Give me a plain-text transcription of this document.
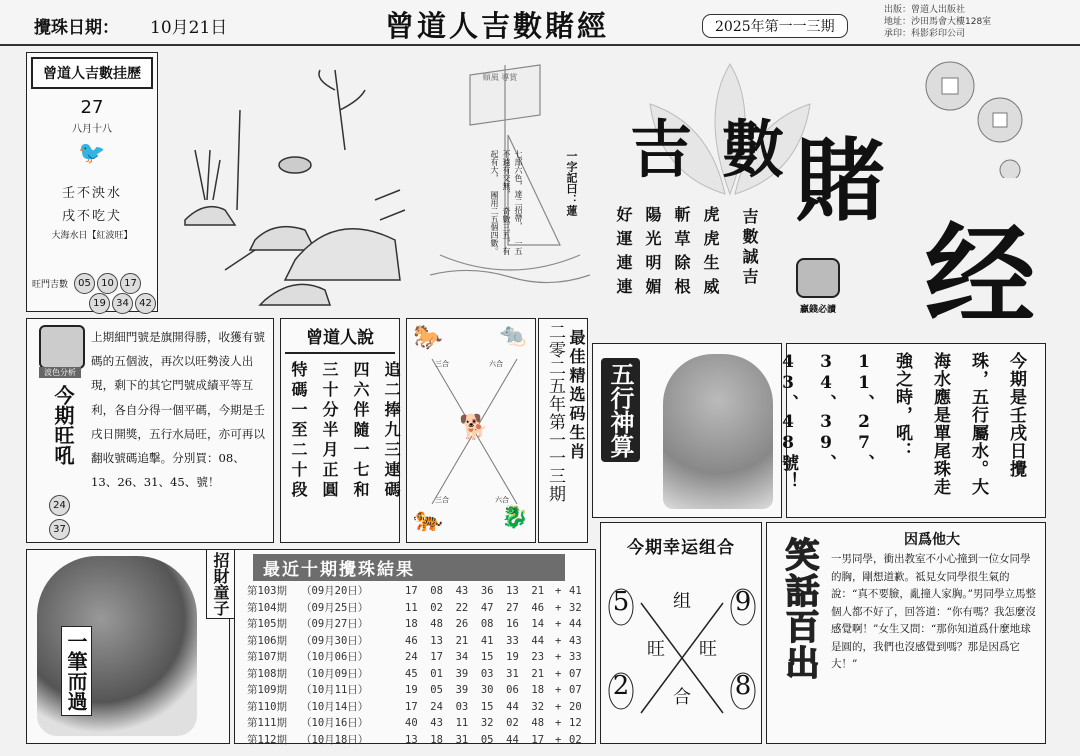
攪珠日期： 10月21日	曾道人吉數賭經	2025年第一一三期
出版：曾道人出版社
地址：沙田馬會大樓128室
承印：科影彩印公司
曾道人吉數挂歷
27
八月十八
🐦
壬不泱水
戌不吃犬
大海水日【紅波旺】
旺門吉數	05	10	17
19	34	42
順風 導賞
一字記曰：蓮
七部六色，達二招帶， 一五不遠有交無， 奇數三五，有起有大， 團用二五個四數。
吉 數 賭
经
吉數誠吉
好運連連 陽光明媚 斬草除根 虎虎生威
贏錢必讀
波色分析
今期旺吼
上期細門號是旗開得勝，收獲有號碼的五個波，再次以旺勢淩人出現，剩下的其它門號成績平等互利，各自分得一個平碼，今期是壬戌日開獎，五行水局旺，亦可再以翻收號碼追擊。分別買：08、13、26、31、45、號！
24
37
曾道人說
追二捧九三連碼
四六伴隨一七和
三十分半月正圓
特碼一至二十段
🐎	🐀
🐕
🐅	🐉
三合	六合
三合	六合 二零二五年第一一三期 最佳精选码生肖 五行神算	今期是壬戌日攪珠，五行屬水。大海水應是單尾珠走強之時，吼：11、27、34、39、43、48號！
一筆而過
招財童子	最近十期攪珠結果
第103期	（09月20日）	17  08  43  36  13  21	+ 41
第104期	（09月25日）	11  02  22  47  27  46	+ 32
第105期	（09月27日）	18  48  26  08  16  14	+ 44
第106期	（09月30日）	46  13  21  41  33  44	+ 43
第107期	（10月06日）	24  17  34  15  19  23	+ 33
第108期	（10月09日）	45  01  39  03  31  21	+ 07
第109期	（10月11日）	19  05  39  30  06  18	+ 07
第110期	（10月14日）	17  24  03  15  44  32	+ 20
第111期	（10月16日）	40  43  11  32  02  48	+ 12
第112期	（10月18日）	13  18  31  05  44  17	+ 02
今期幸运组合
5	9
2	8
组
旺 旺
合
笑話百出	因爲他大
一男同學，衝出教室不小心撞到一位女同學的胸，剛想道歉。祗見女同學很生氣的說：“真不要臉，亂撞人家胸。”男同學立馬整個人都不好了，回答道：“你有嗎？我怎麼沒感覺啊！”女生又問：“那你知道爲什麼地球是圓的，我們也沒感覺到嗎？那是因爲它大！”
